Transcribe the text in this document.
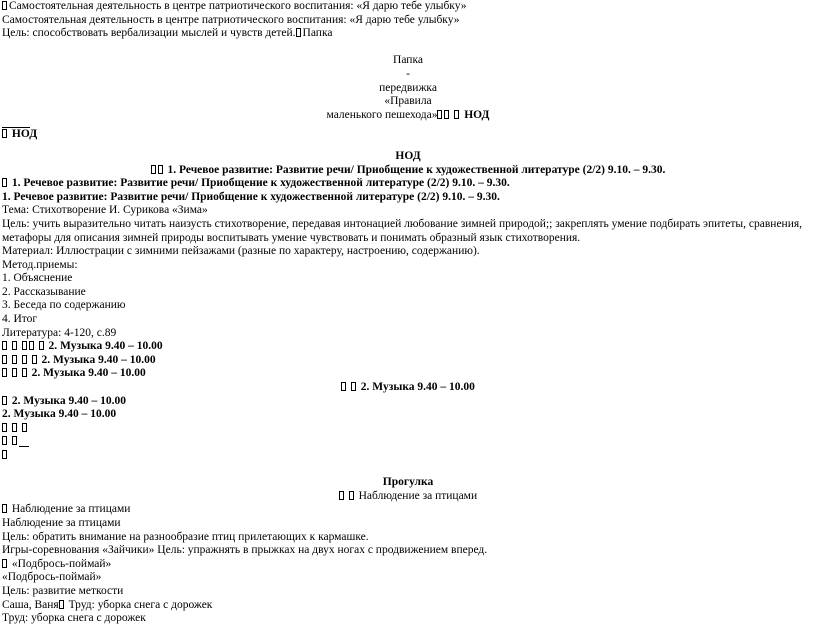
Самостоятельная деятельность в центре патриотического воспитания: «Я дарю тебе улыбку»
Самостоятельная деятельность в центре патриотического воспитания: «Я дарю тебе улыбку»
Цель: способствовать вербализации мыслей и чувств детей. Папка
Папка
-
передвижка
«Правила
маленького пешехода» НОД
НОД
НОД
1. Речевое развитие: Развитие речи/ Приобщение к художественной литературе (2/2) 9.10. – 9.30.
1. Речевое развитие: Развитие речи/ Приобщение к художественной литературе (2/2) 9.10. – 9.30.
1. Речевое развитие: Развитие речи/ Приобщение к художественной литературе (2/2) 9.10. – 9.30.
Тема: Стихотворение И. Сурикова «Зима»
Цель: учить выразительно читать наизусть стихотворение, передавая интонацией любование зимней природой;; закреплять умение подбирать эпитеты, сравнения, метафоры для описания зимней природы воспитывать умение чувствовать и понимать образный язык стихотворения.
Материал: Иллюстрации с зимними пейзажами (разные по характеру, настроению, содержанию).
Метод.приемы:
1. Объяснение
2. Рассказывание
3. Беседа по содержанию
4. Итог
Литература: 4-120, с.89
2. Музыка 9.40 – 10.00
2. Музыка 9.40 – 10.00
2. Музыка 9.40 – 10.00
2. Музыка 9.40 – 10.00
2. Музыка 9.40 – 10.00
2. Музыка 9.40 – 10.00

Прогулка
Наблюдение за птицами
Наблюдение за птицами
Наблюдение за птицами
Цель: обратить внимание на разнообразие птиц прилетающих к кармашке.
Игры-соревнования «Зайчики» Цель: упражнять в прыжках на двух ногах с продвижением вперед.
«Подбрось-поймай»
«Подбрось-поймай»
Цель: развитие меткости
Саша, Ваня Труд: уборка снега с дорожек
Труд: уборка снега с дорожек
